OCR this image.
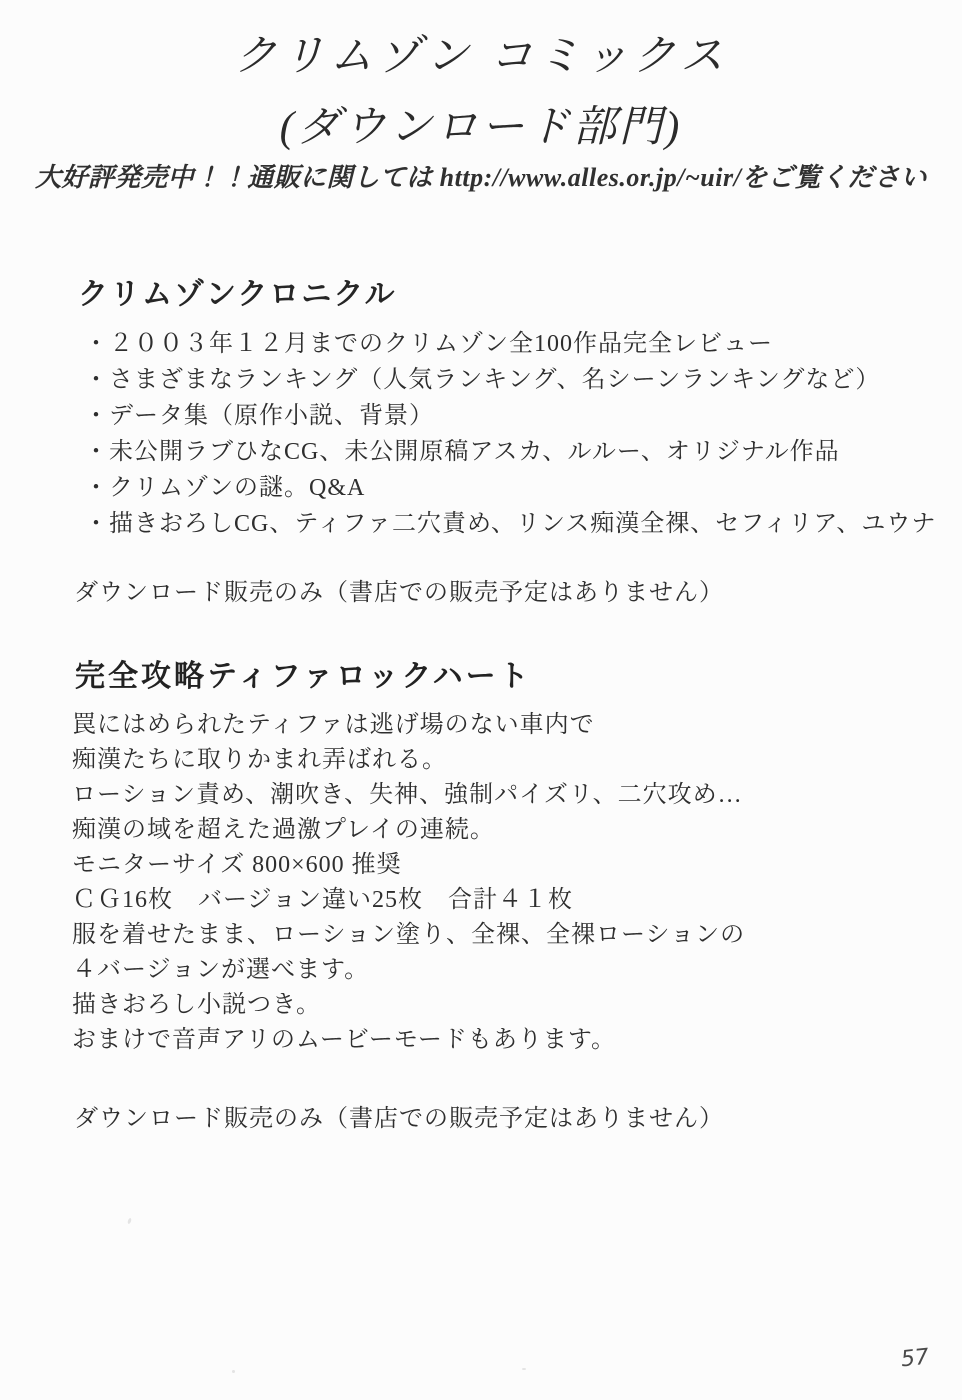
クリムゾン コミックス
(ダウンロード部門)
大好評発売中！！通販に関しては http://www.alles.or.jp/~uir/をご覧ください
クリムゾンクロニクル
・２００３年１２月までのクリムゾン全100作品完全レビュー
・さまざまなランキング（人気ランキング、名シーンランキングなど）
・データ集（原作小説、背景）
・未公開ラブひなCG、未公開原稿アスカ、ルルー、オリジナル作品
・クリムゾンの謎。Q&A
・描きおろしCG、ティファ二穴責め、リンス痴漢全裸、セフィリア、ユウナ
ダウンロード販売のみ（書店での販売予定はありません）
完全攻略ティファロックハート
罠にはめられたティファは逃げ場のない車内で
痴漢たちに取りかまれ弄ばれる。
ローション責め、潮吹き、失神、強制パイズリ、二穴攻め…
痴漢の域を超えた過激プレイの連続。
モニターサイズ 800×600 推奨
ＣＧ16枚　バージョン違い25枚　合計４１枚
服を着せたまま、ローション塗り、全裸、全裸ローションの
４バージョンが選べます。
描きおろし小説つき。
おまけで音声アリのムービーモードもあります。
ダウンロード販売のみ（書店での販売予定はありません）
57
